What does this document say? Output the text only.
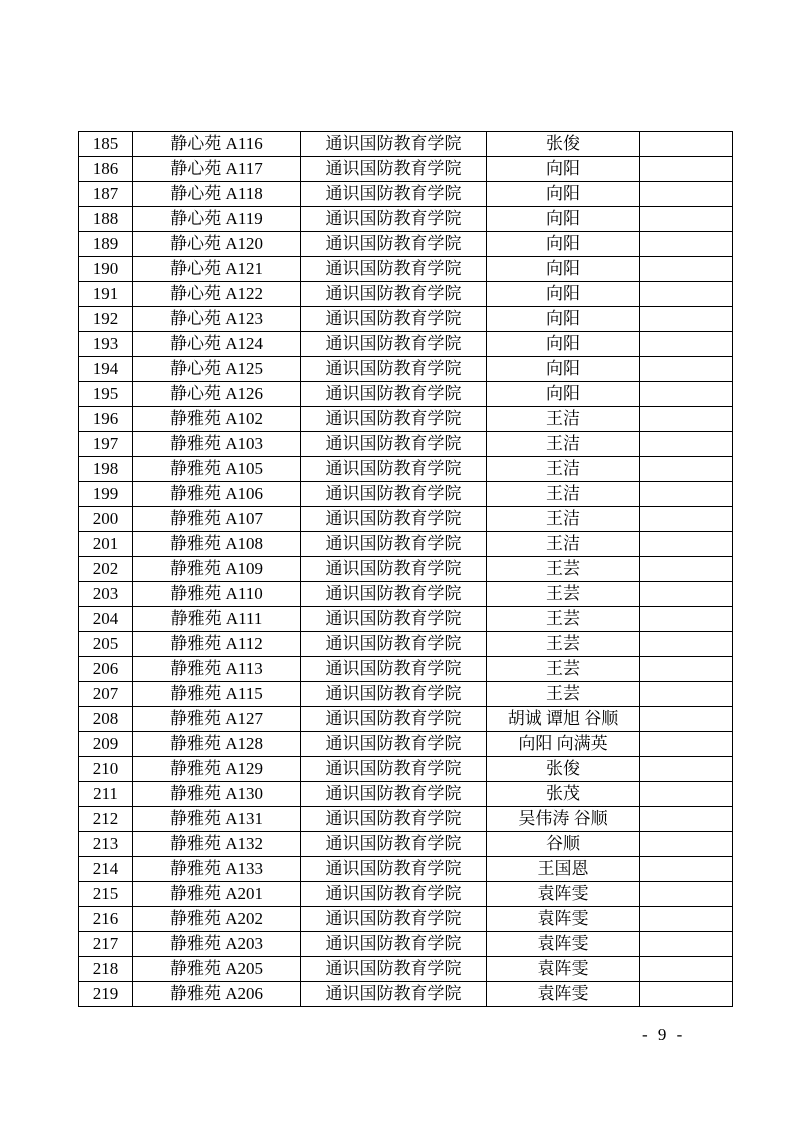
185	静心苑 A116	通识国防教育学院	张俊	
186	静心苑 A117	通识国防教育学院	向阳	
187	静心苑 A118	通识国防教育学院	向阳	
188	静心苑 A119	通识国防教育学院	向阳	
189	静心苑 A120	通识国防教育学院	向阳	
190	静心苑 A121	通识国防教育学院	向阳	
191	静心苑 A122	通识国防教育学院	向阳	
192	静心苑 A123	通识国防教育学院	向阳	
193	静心苑 A124	通识国防教育学院	向阳	
194	静心苑 A125	通识国防教育学院	向阳	
195	静心苑 A126	通识国防教育学院	向阳	
196	静雅苑 A102	通识国防教育学院	王洁	
197	静雅苑 A103	通识国防教育学院	王洁	
198	静雅苑 A105	通识国防教育学院	王洁	
199	静雅苑 A106	通识国防教育学院	王洁	
200	静雅苑 A107	通识国防教育学院	王洁	
201	静雅苑 A108	通识国防教育学院	王洁	
202	静雅苑 A109	通识国防教育学院	王芸	
203	静雅苑 A110	通识国防教育学院	王芸	
204	静雅苑 A111	通识国防教育学院	王芸	
205	静雅苑 A112	通识国防教育学院	王芸	
206	静雅苑 A113	通识国防教育学院	王芸	
207	静雅苑 A115	通识国防教育学院	王芸	
208	静雅苑 A127	通识国防教育学院	胡诚 谭旭 谷顺	
209	静雅苑 A128	通识国防教育学院	向阳 向满英	
210	静雅苑 A129	通识国防教育学院	张俊	
211	静雅苑 A130	通识国防教育学院	张茂	
212	静雅苑 A131	通识国防教育学院	吴伟涛 谷顺	
213	静雅苑 A132	通识国防教育学院	谷顺	
214	静雅苑 A133	通识国防教育学院	王国恩	
215	静雅苑 A201	通识国防教育学院	袁阵雯	
216	静雅苑 A202	通识国防教育学院	袁阵雯	
217	静雅苑 A203	通识国防教育学院	袁阵雯	
218	静雅苑 A205	通识国防教育学院	袁阵雯	
219	静雅苑 A206	通识国防教育学院	袁阵雯	
- 9 -
